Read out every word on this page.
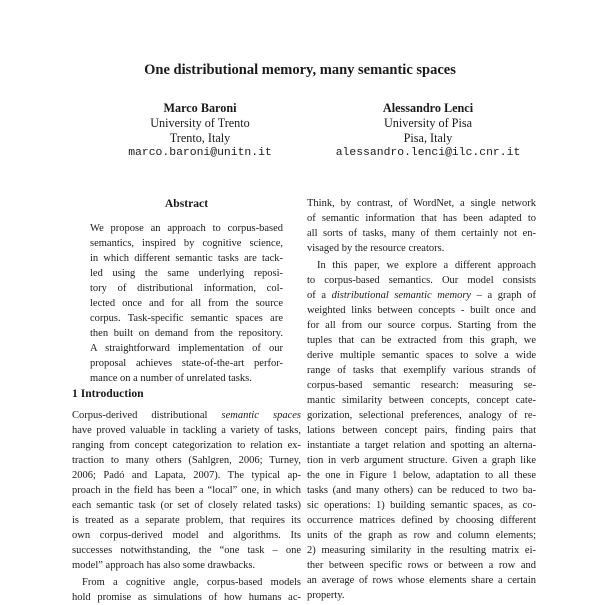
One distributional memory, many semantic spaces
Marco Baroni
University of Trento
Trento, Italy
marco.baroni@unitn.it
Alessandro Lenci
University of Pisa
Pisa, Italy
alessandro.lenci@ilc.cnr.it
Abstract
We propose an approach to corpus-based
semantics, inspired by cognitive science,
in which different semantic tasks are tack-
led using the same underlying reposi-
tory of distributional information, col-
lected once and for all from the source
corpus. Task-specific semantic spaces are
then built on demand from the repository.
A straightforward implementation of our
proposal achieves state-of-the-art perfor-
mance on a number of unrelated tasks.
1 Introduction
Corpus-derived distributional semantic spaces
have proved valuable in tackling a variety of tasks,
ranging from concept categorization to relation ex-
traction to many others (Sahlgren, 2006; Turney,
2006; Padó and Lapata, 2007). The typical ap-
proach in the field has been a “local” one, in which
each semantic task (or set of closely related tasks)
is treated as a separate problem, that requires its
own corpus-derived model and algorithms. Its
successes notwithstanding, the “one task – one
model” approach has also some drawbacks.
From a cognitive angle, corpus-based models
hold promise as simulations of how humans ac-
Think, by contrast, of WordNet, a single network
of semantic information that has been adapted to
all sorts of tasks, many of them certainly not en-
visaged by the resource creators.
In this paper, we explore a different approach
to corpus-based semantics. Our model consists
of a distributional semantic memory – a graph of
weighted links between concepts - built once and
for all from our source corpus. Starting from the
tuples that can be extracted from this graph, we
derive multiple semantic spaces to solve a wide
range of tasks that exemplify various strands of
corpus-based semantic research: measuring se-
mantic similarity between concepts, concept cate-
gorization, selectional preferences, analogy of re-
lations between concept pairs, finding pairs that
instantiate a target relation and spotting an alterna-
tion in verb argument structure. Given a graph like
the one in Figure 1 below, adaptation to all these
tasks (and many others) can be reduced to two ba-
sic operations: 1) building semantic spaces, as co-
occurrence matrices defined by choosing different
units of the graph as row and column elements;
2) measuring similarity in the resulting matrix ei-
ther between specific rows or between a row and
an average of rows whose elements share a certain
property.
